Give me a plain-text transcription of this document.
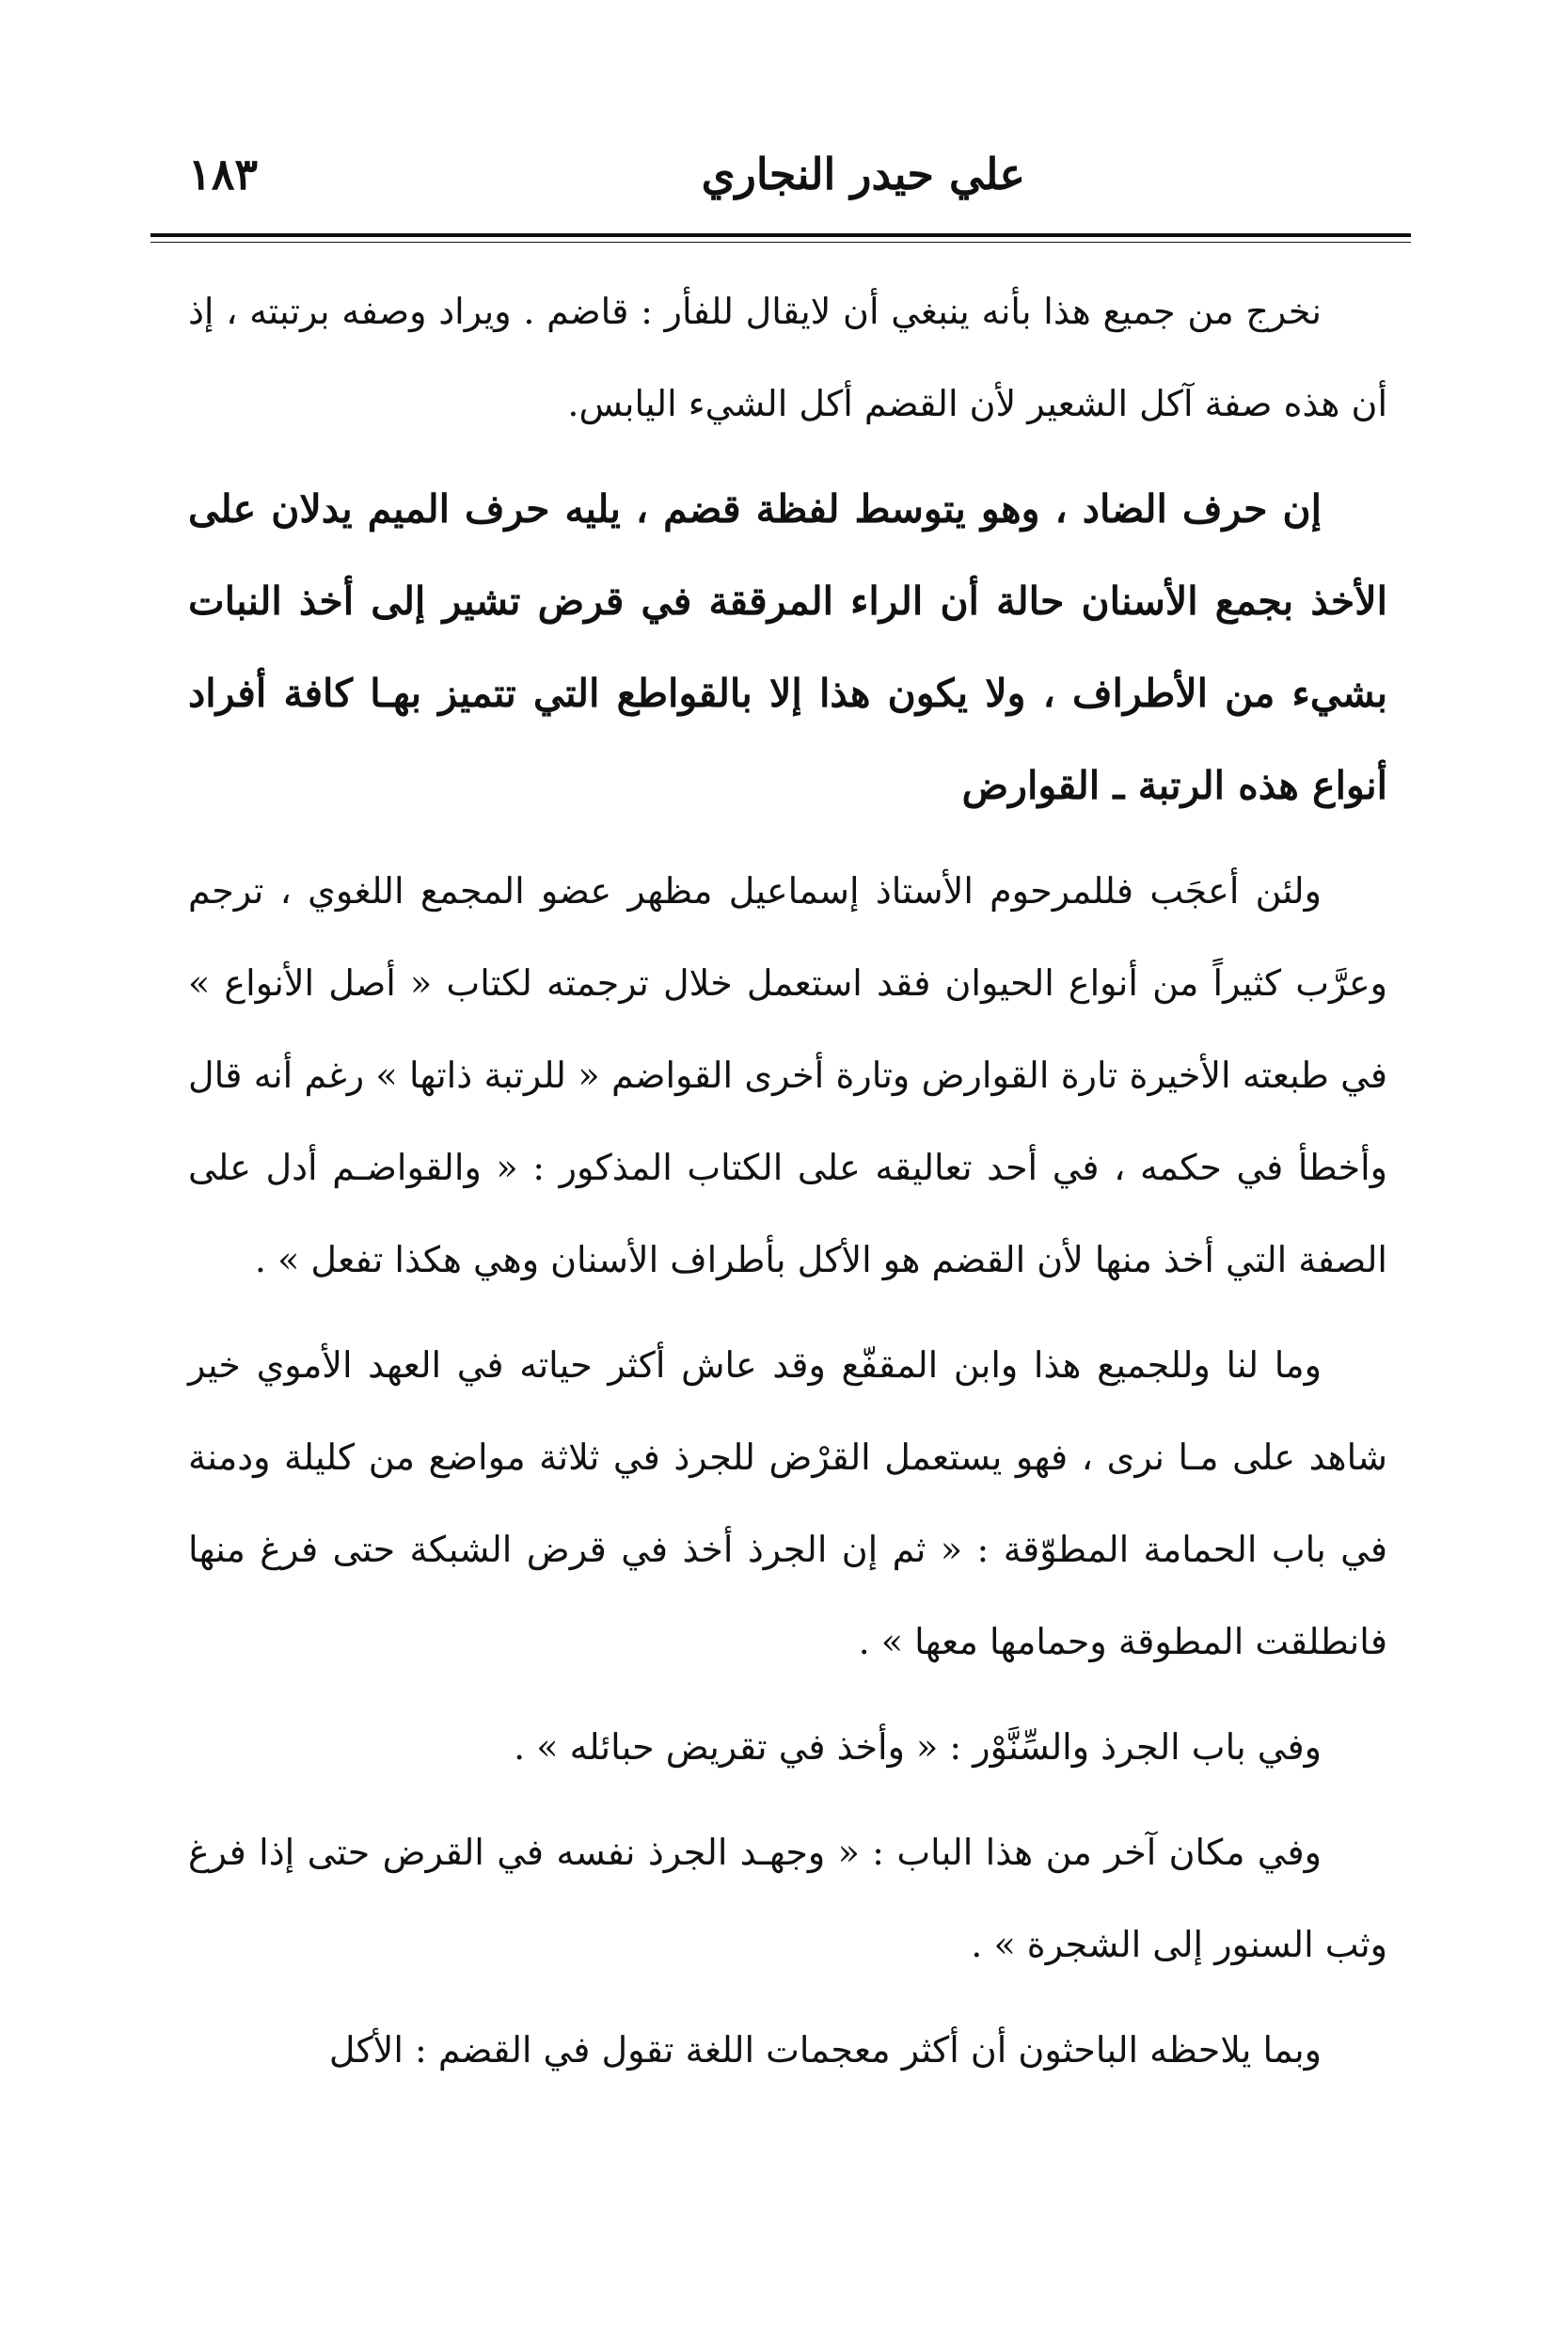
علي حيدر النجاري
١٨٣

نخرج من جميع هذا بأنه ينبغي أن لايقال للفأر : قاضم . ويراد وصفه برتبته ، إذ أن هذه صفة آكل الشعير لأن القضم أكل الشيء اليابس.

إن حرف الضاد ، وهو يتوسط لفظة قضم ، يليه حرف الميم يدلان على الأخذ بجمع الأسنان حالة أن الراء المرققة في قرض تشير إلى أخذ النبات بشيء من الأطراف ، ولا يكون هذا إلا بالقواطع التي تتميز بهـا كافة أفراد أنواع هذه الرتبة ـ القوارض

ولئن أعجَب فللمرحوم الأستاذ إسماعيل مظهر عضو المجمع اللغوي ، ترجم وعرَّب كثيراً من أنواع الحيوان فقد استعمل خلال ترجمته لكتاب « أصل الأنواع » في طبعته الأخيرة تارة القوارض وتارة أخرى القواضم « للرتبة ذاتها » رغم أنه قال وأخطأ في حكمه ، في أحد تعاليقه على الكتاب المذكور : « والقواضـم أدل على الصفة التي أخذ منها لأن القضم هو الأكل بأطراف الأسنان وهي هكذا تفعل » .

وما لنا وللجميع هذا وابن المقفّع وقد عاش أكثر حياته في العهد الأموي خير شاهد على مـا نرى ، فهو يستعمل القرْض للجرذ في ثلاثة مواضع من كليلة ودمنة في باب الحمامة المطوّقة : « ثم إن الجرذ أخذ في قرض الشبكة حتى فرغ منها فانطلقت المطوقة وحمامها معها » .

وفي باب الجرذ والسِّنَّوْر : « وأخذ في تقريض حبائله » .

وفي مكان آخر من هذا الباب : « وجهـد الجرذ نفسه في القرض حتى إذا فرغ وثب السنور إلى الشجرة » .

وبما يلاحظه الباحثون أن أكثر معجمات اللغة تقول في القضم : الأكل
